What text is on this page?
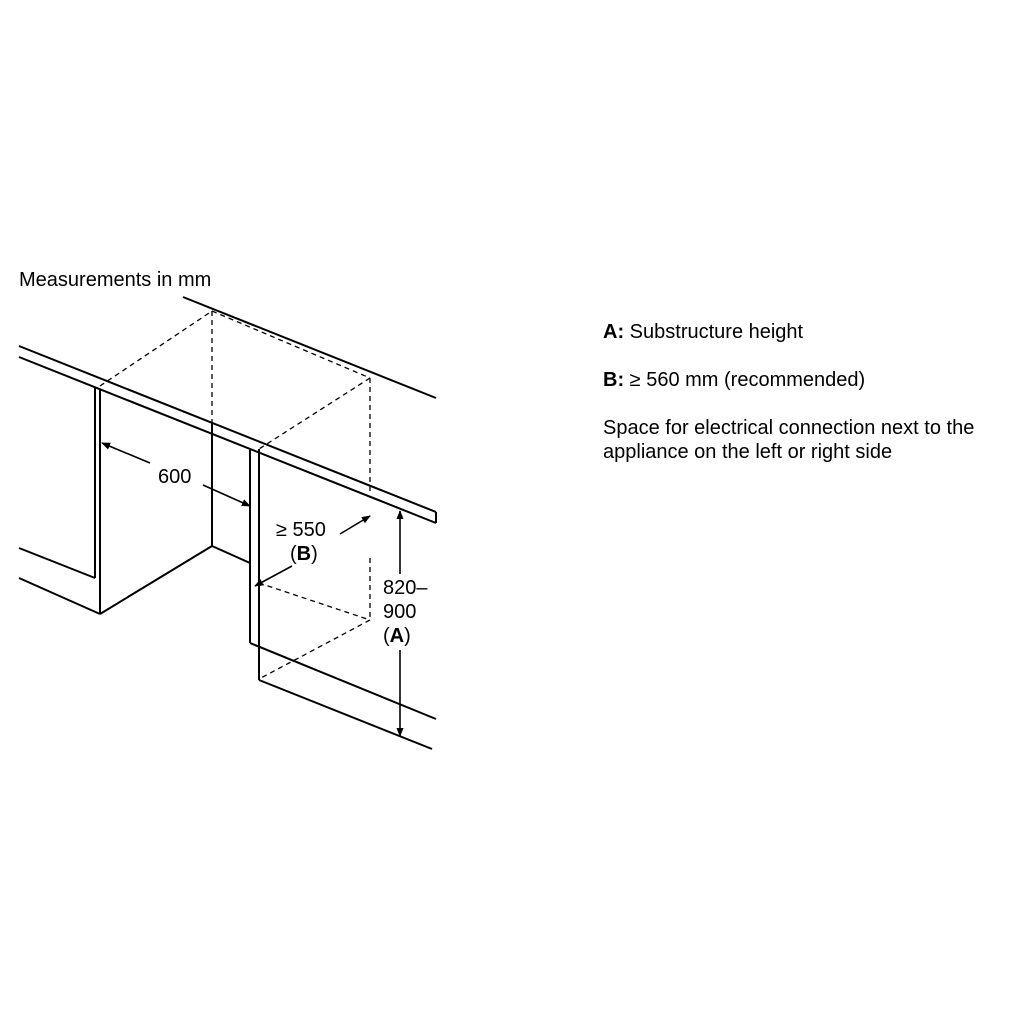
Measurements in mm
600
≥ 550
(B)
820–
900
(A)
A: Substructure height
B: ≥ 560 mm (recommended)
Space for electrical connection next to the appliance on the left or right side
